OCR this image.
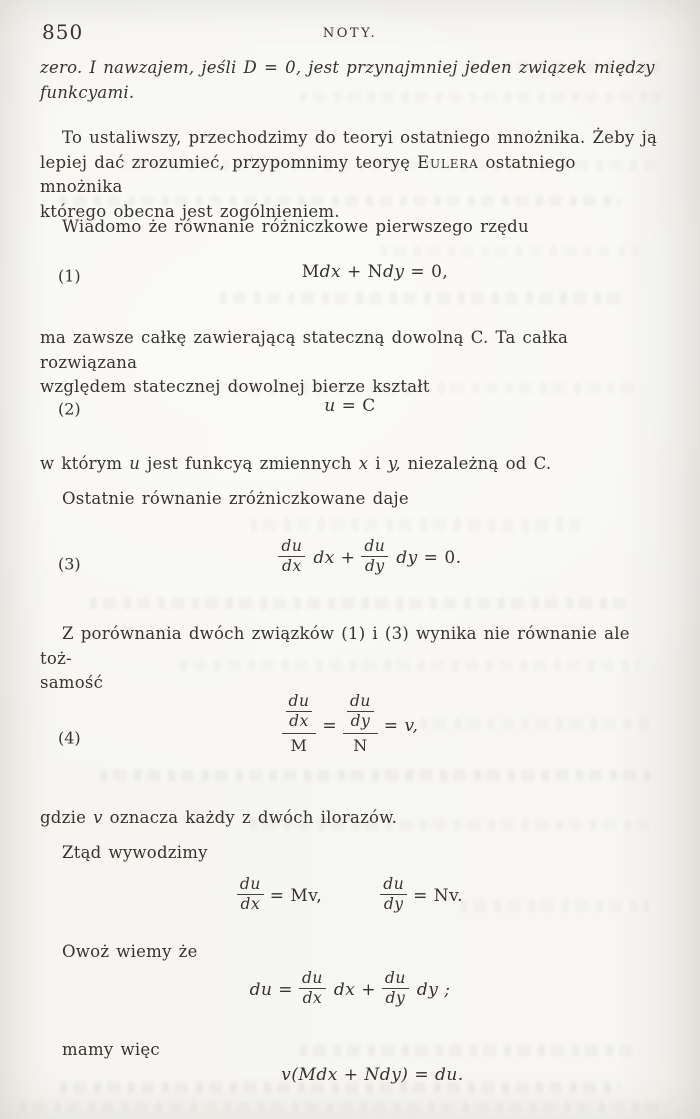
850	NOTY.
zero. I nawzajem, jeśli D = 0, jest przynajmniej jeden związek między
funkcyami.
To ustaliwszy, przechodzimy do teoryi ostatniego mnożnika. Żeby ją
lepiej dać zrozumieć, przypomnimy teoryę Eulera ostatniego mnożnika
którego obecna jest zogólnieniem.
Wiadomo że równanie różniczkowe pierwszego rzędu
(1)	Mdx + Ndy = 0,
ma zawsze całkę zawierającą stateczną dowolną C. Ta całka rozwiązana
względem statecznej dowolnej bierze kształt
(2)	u = C
w którym u jest funkcyą zmiennych x i y, niezależną od C.
Ostatnie równanie zróżniczkowane daje
(3)	$\frac{du}{dx}$ dx + $\frac{du}{dy}$ dy = 0.
Z porównania dwóch związków (1) i (3) wynika nie równanie ale toż-
samość
(4)
$\frac{du}{dx}$
M
= $\frac{du}{dy}$
N
= v,
gdzie v oznacza każdy z dwóch ilorazów.
Ztąd wywodzimy
$\frac{du}{dx} = Mv$,	$\frac{du}{dy} = Nv$.
Owoż wiemy że
du = $\frac{du}{dx}$ dx + $\frac{du}{dy}$ dy ;
mamy więc
v(Mdx + Ndy) = du.
